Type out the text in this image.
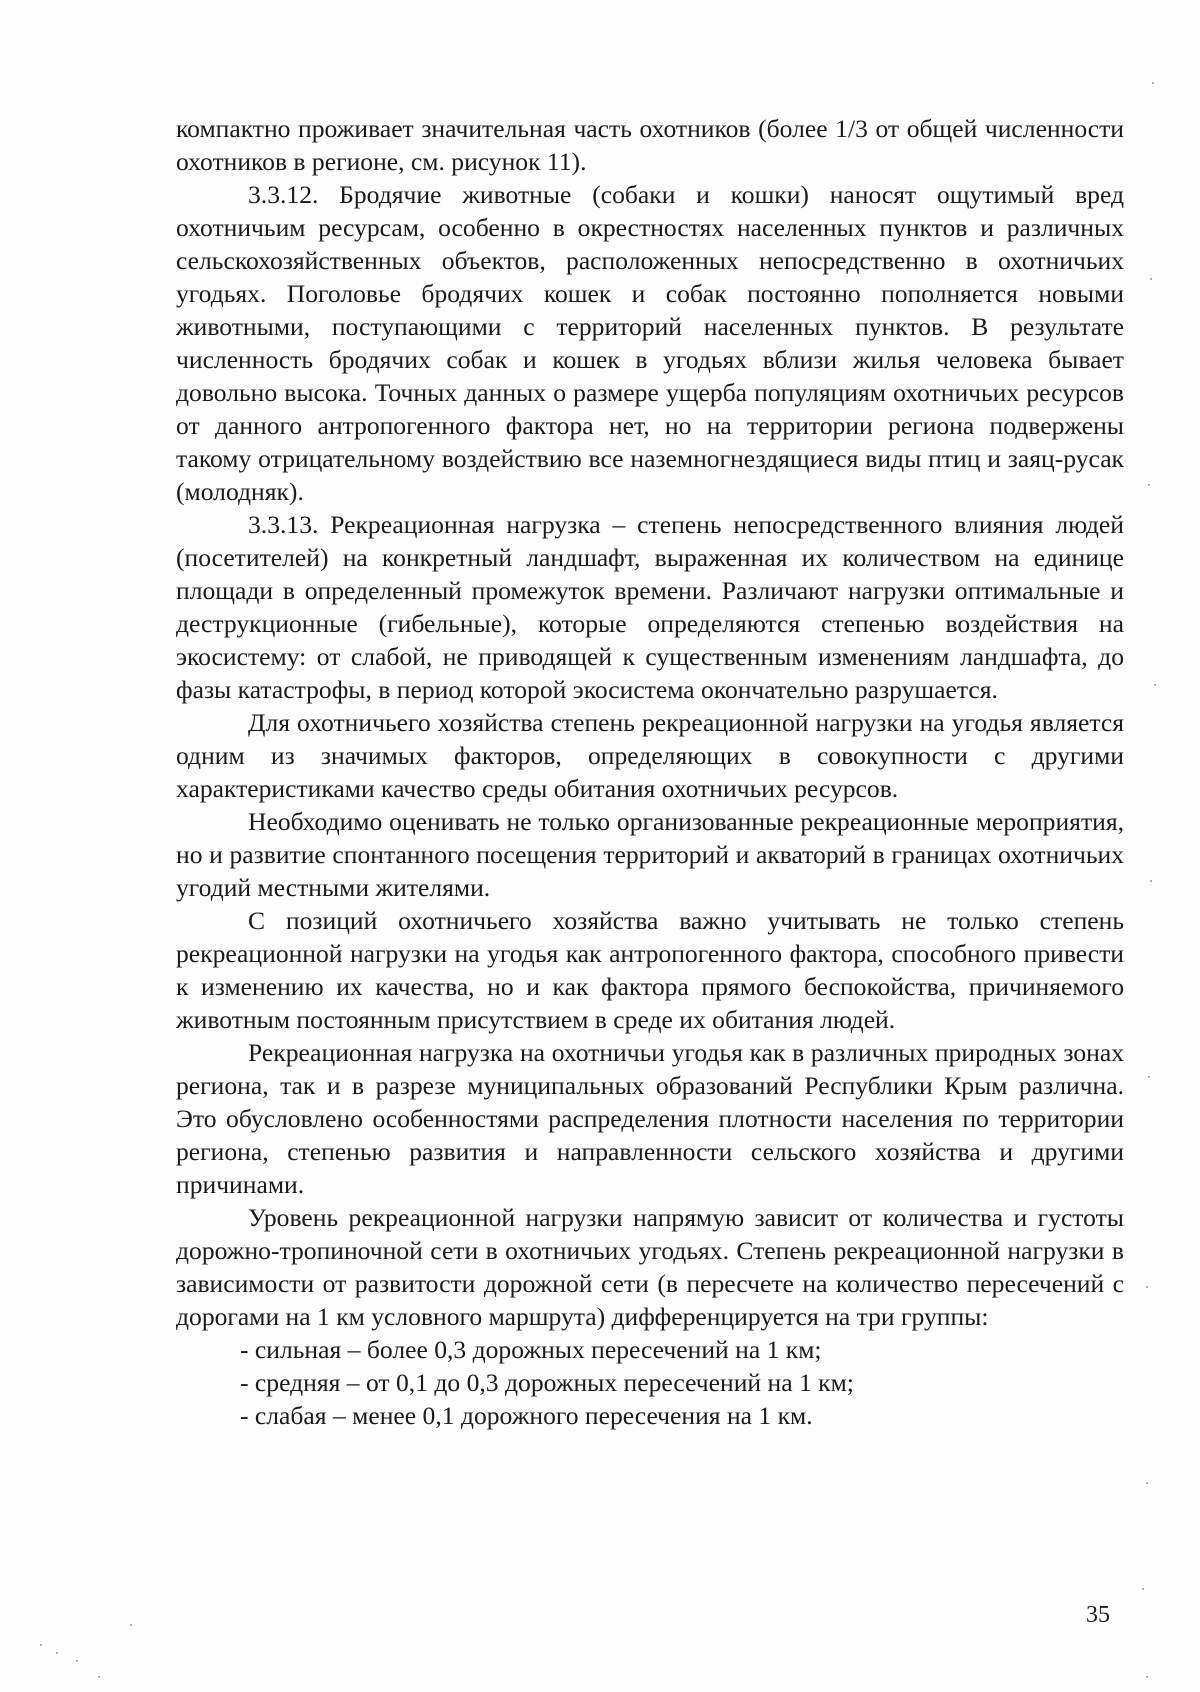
компактно проживает значительная часть охотников (более 1/3 от общей численности охотников в регионе, см. рисунок 11).

3.3.12. Бродячие животные (собаки и кошки) наносят ощутимый вред охотничьим ресурсам, особенно в окрестностях населенных пунктов и различных сельскохозяйственных объектов, расположенных непосредственно в охотничьих угодьях. Поголовье бродячих кошек и собак постоянно пополняется новыми животными, поступающими с территорий населенных пунктов. В результате численность бродячих собак и кошек в угодьях вблизи жилья человека бывает довольно высока. Точных данных о размере ущерба популяциям охотничьих ресурсов от данного антропогенного фактора нет, но на территории региона подвержены такому отрицательному воздействию все наземногнездящиеся виды птиц и заяц-русак (молодняк).

3.3.13. Рекреационная нагрузка – степень непосредственного влияния людей (посетителей) на конкретный ландшафт, выраженная их количеством на единице площади в определенный промежуток времени. Различают нагрузки оптимальные и деструкционные (гибельные), которые определяются степенью воздействия на экосистему: от слабой, не приводящей к существенным изменениям ландшафта, до фазы катастрофы, в период которой экосистема окончательно разрушается.

Для охотничьего хозяйства степень рекреационной нагрузки на угодья является одним из значимых факторов, определяющих в совокупности с другими характеристиками качество среды обитания охотничьих ресурсов.

Необходимо оценивать не только организованные рекреационные мероприятия, но и развитие спонтанного посещения территорий и акваторий в границах охотничьих угодий местными жителями.

С позиций охотничьего хозяйства важно учитывать не только степень рекреационной нагрузки на угодья как антропогенного фактора, способного привести к изменению их качества, но и как фактора прямого беспокойства, причиняемого животным постоянным присутствием в среде их обитания людей.

Рекреационная нагрузка на охотничьи угодья как в различных природных зонах региона, так и в разрезе муниципальных образований Республики Крым различна. Это обусловлено особенностями распределения плотности населения по территории региона, степенью развития и направленности сельского хозяйства и другими причинами.

Уровень рекреационной нагрузки напрямую зависит от количества и густоты дорожно-тропиночной сети в охотничьих угодьях. Степень рекреационной нагрузки в зависимости от развитости дорожной сети (в пересчете на количество пересечений с дорогами на 1 км условного маршрута) дифференцируется на три группы:

- сильная – более 0,3 дорожных пересечений на 1 км;
- средняя – от 0,1 до 0,3 дорожных пересечений на 1 км;
- слабая – менее 0,1 дорожного пересечения на 1 км.
35
